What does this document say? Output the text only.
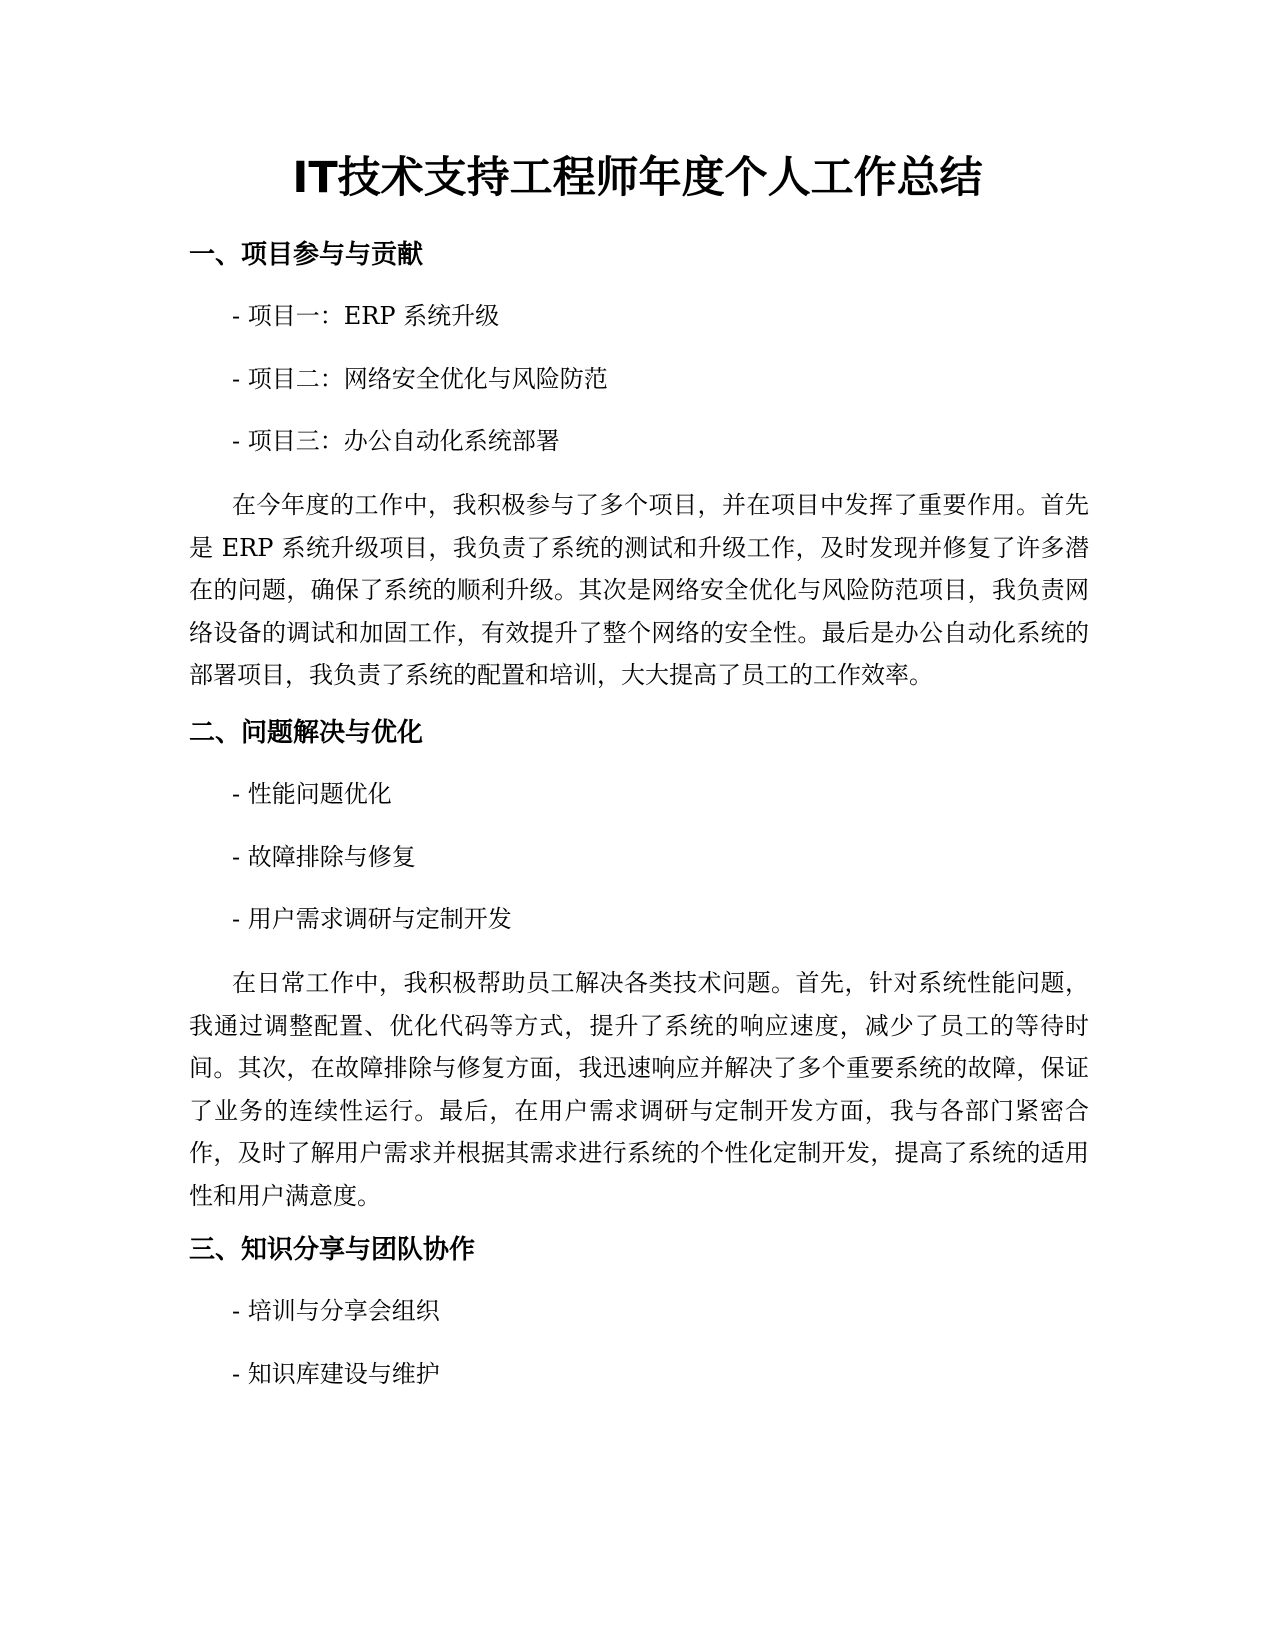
IT技术支持工程师年度个人工作总结
一、项目参与与贡献

- 项目一：ERP 系统升级

- 项目二：网络安全优化与风险防范

- 项目三：办公自动化系统部署

在今年度的工作中，我积极参与了多个项目，并在项目中发挥了重要作用。首先是 ERP 系统升级项目，我负责了系统的测试和升级工作，及时发现并修复了许多潜在的问题，确保了系统的顺利升级。其次是网络安全优化与风险防范项目，我负责网络设备的调试和加固工作，有效提升了整个网络的安全性。最后是办公自动化系统的部署项目，我负责了系统的配置和培训，大大提高了员工的工作效率。

二、问题解决与优化

- 性能问题优化

- 故障排除与修复

- 用户需求调研与定制开发

在日常工作中，我积极帮助员工解决各类技术问题。首先，针对系统性能问题，我通过调整配置、优化代码等方式，提升了系统的响应速度，减少了员工的等待时间。其次，在故障排除与修复方面，我迅速响应并解决了多个重要系统的故障，保证了业务的连续性运行。最后，在用户需求调研与定制开发方面，我与各部门紧密合作，及时了解用户需求并根据其需求进行系统的个性化定制开发，提高了系统的适用性和用户满意度。

三、知识分享与团队协作

- 培训与分享会组织

- 知识库建设与维护
